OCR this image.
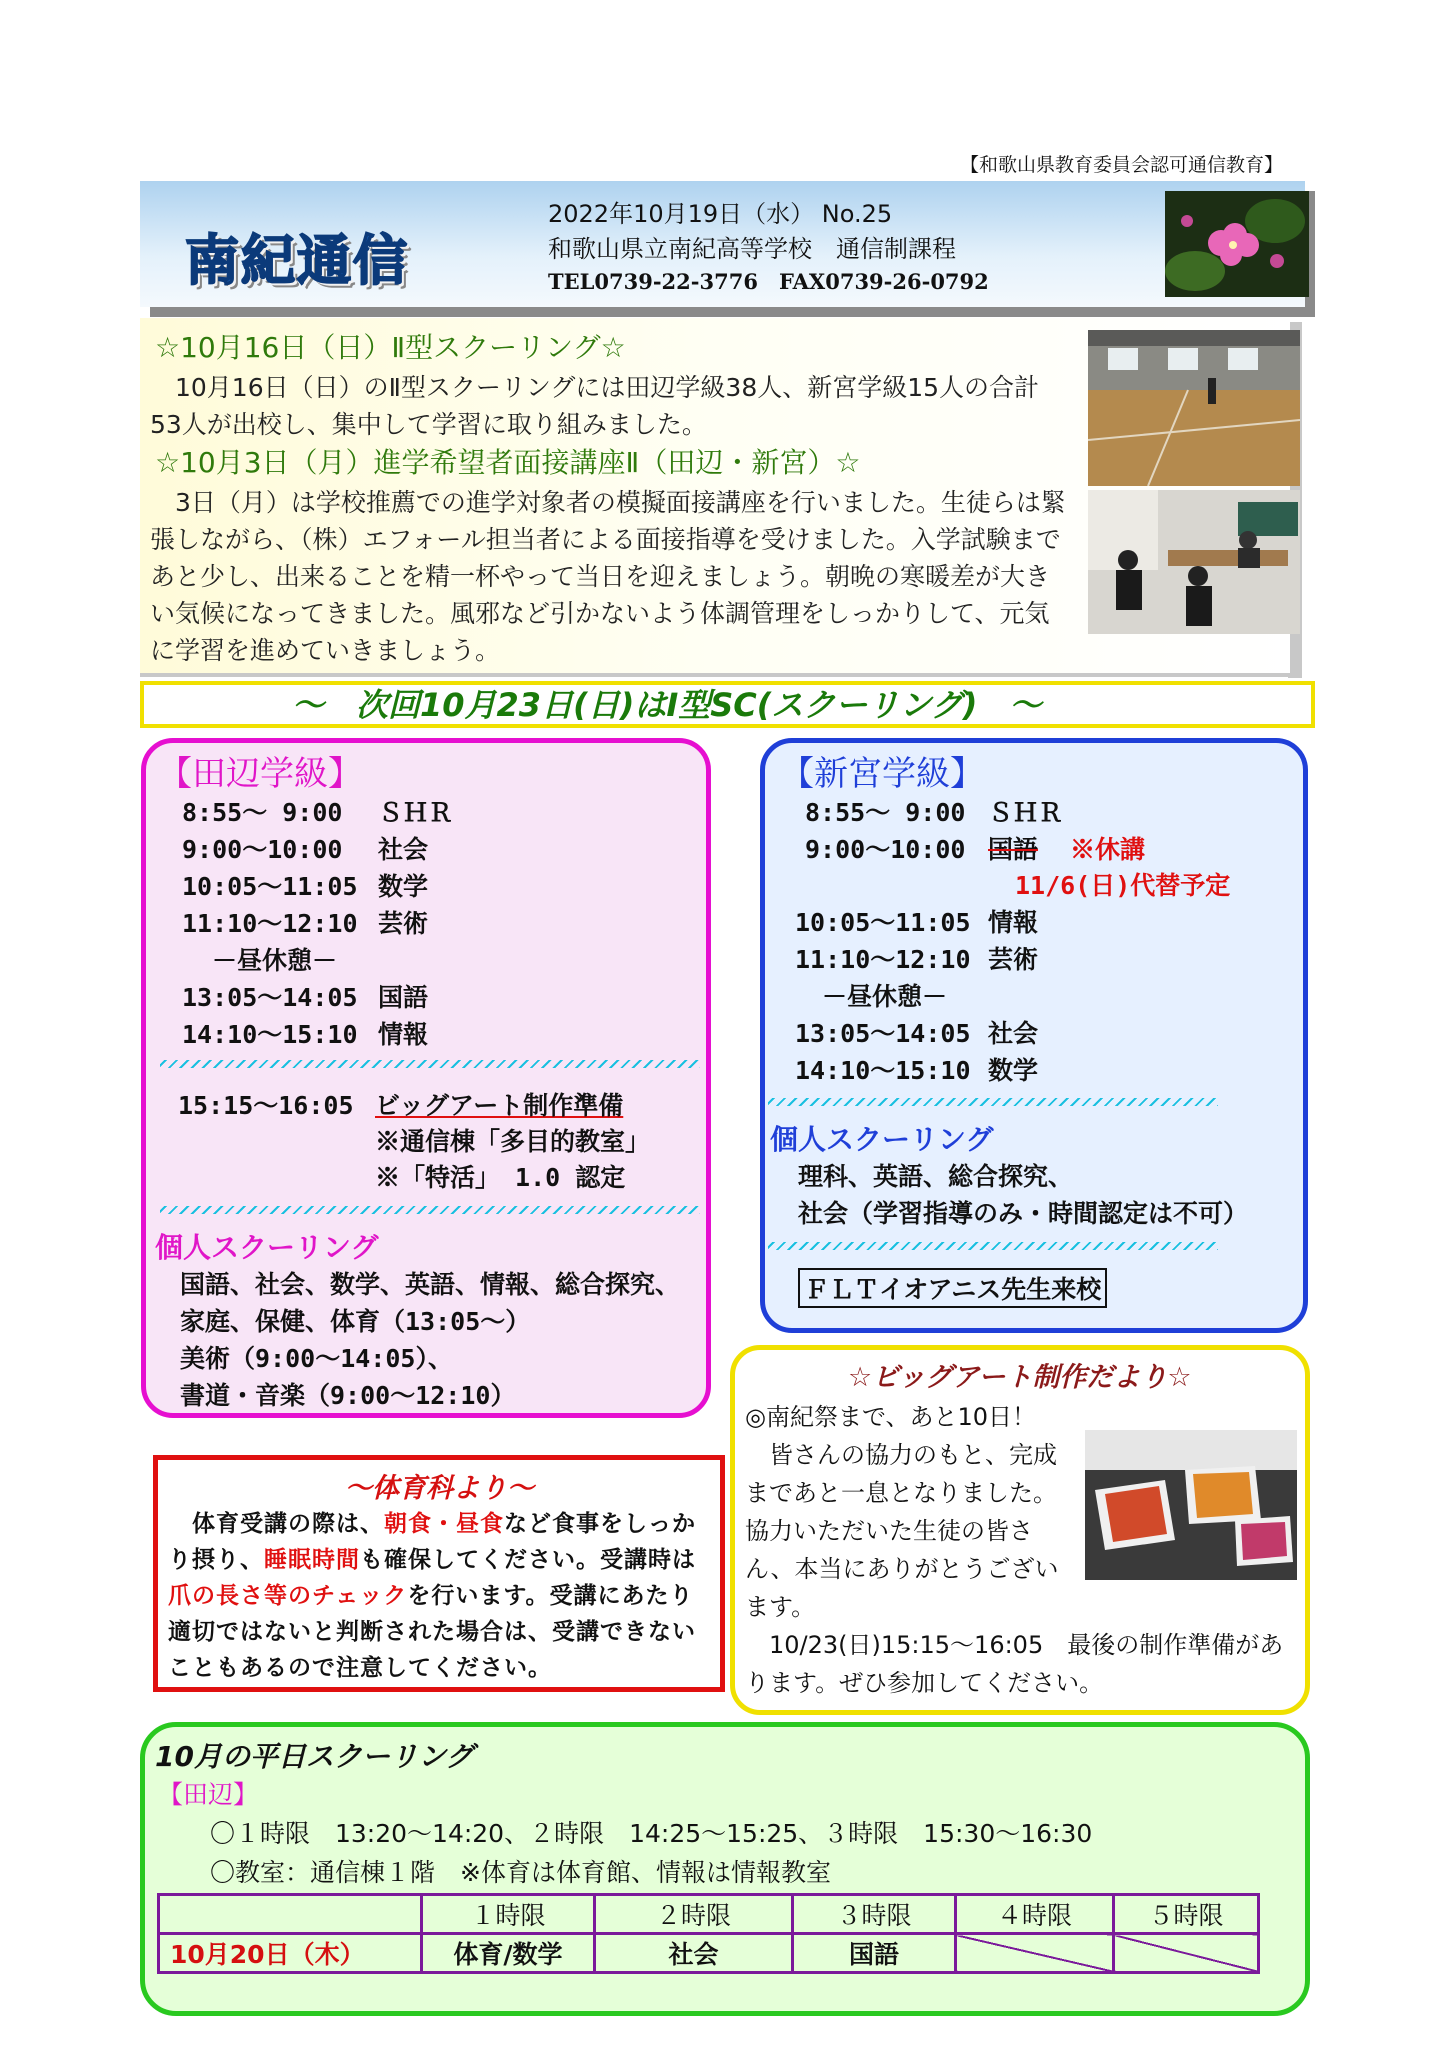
【和歌山県教育委員会認可通信教育】
南紀通信
2022年10月19日（水） No.25
和歌山県立南紀高等学校　通信制課程
TEL0739-22-3776　FAX0739-26-0792
☆10月16日（日）Ⅱ型スクーリング☆
　10月16日（日）のⅡ型スクーリングには田辺学級38人、新宮学級15人の合計53人が出校し、集中して学習に取り組みました。
☆10月3日（月）進学希望者面接講座Ⅱ（田辺・新宮）☆
　3日（月）は学校推薦での進学対象者の模擬面接講座を行いました。生徒らは緊張しながら、（株）エフォール担当者による面接指導を受けました。入学試験まであと少し、出来ることを精一杯やって当日を迎えましょう。朝晩の寒暖差が大きい気候になってきました。風邪など引かないよう体調管理をしっかりして、元気に学習を進めていきましょう。
～　次回10月23日(日)はⅠ型SC(スクーリング)　～
【田辺学級】
8:55～ 9:00 ＳＨＲ
9:00～10:00 社会
10:05～11:05 数学
11:10～12:10 芸術
13:05～14:05 国語
14:10～15:10 情報
－昼休憩－
15:15～16:05 ビッグアート制作準備
※通信棟「多目的教室」
※「特活」 1.0 認定
個人スクーリング
国語、社会、数学、英語、情報、総合探究、
家庭、保健、体育（13:05～）
美術（9:00～14:05）、
書道・音楽（9:00～12:10）
【新宮学級】
8:55～ 9:00 ＳＨＲ
9:00～10:00 国語 ※休講
11/6(日)代替予定
10:05～11:05 情報
11:10～12:10 芸術
－昼休憩－
13:05～14:05 社会
14:10～15:10 数学
個人スクーリング
理科、英語、総合探究、
社会（学習指導のみ・時間認定は不可）
ＦＬＴイオアニス先生来校
～体育科より～
　体育受講の際は、朝食・昼食など食事をしっかり摂り、睡眠時間も確保してください。受講時は爪の長さ等のチェックを行います。受講にあたり適切ではないと判断された場合は、受講できないこともあるので注意してください。
☆ビッグアート制作だより☆
◎南紀祭まで、あと10日！
　皆さんの協力のもと、完成まであと一息となりました。協力いただいた生徒の皆さん、本当にありがとうございます。
　10/23(日)15:15～16:05　最後の制作準備があります。ぜひ参加してください。
10月の平日スクーリング
【田辺】
〇１時限　13:20～14:20、２時限　14:25～15:25、３時限　15:30～16:30
〇教室：通信棟１階　※体育は体育館、情報は情報教室
	１時限	２時限	３時限	４時限	５時限
10月20日（木）	体育/数学	社会	国語		
